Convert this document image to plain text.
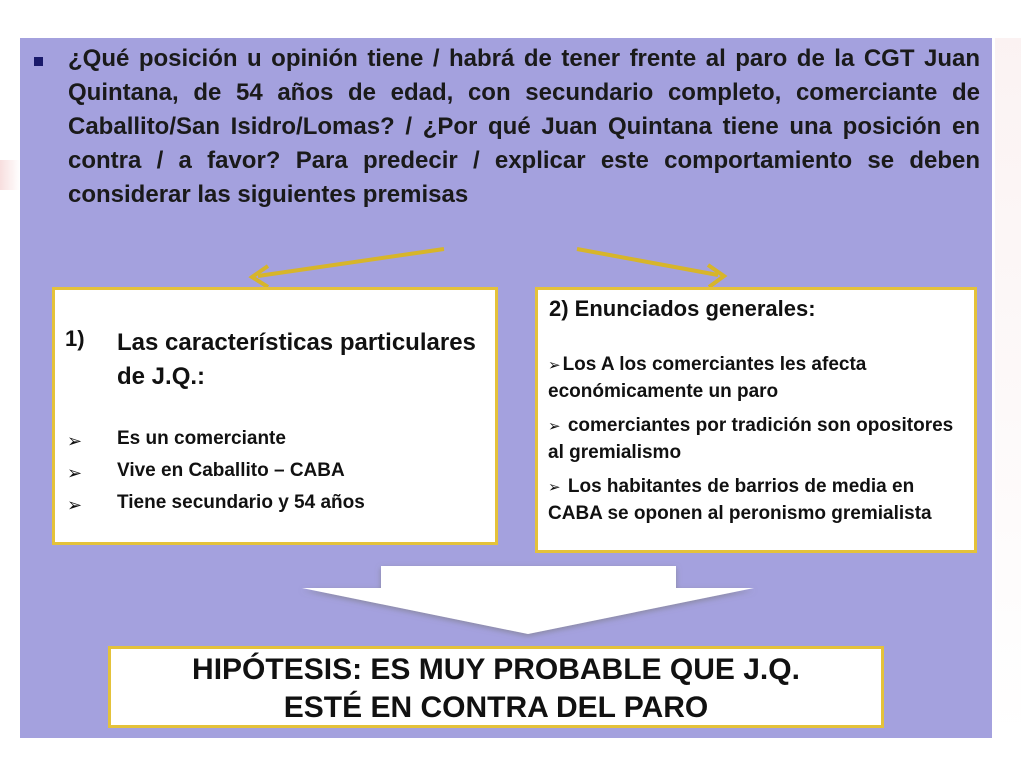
¿Qué posición u opinión tiene / habrá de tener frente al paro de la CGT Juan Quintana, de 54 años de edad, con secundario completo, comerciante de Caballito/San Isidro/Lomas? / ¿Por qué Juan Quintana tiene una posición en contra / a favor? Para predecir / explicar este comportamiento se deben considerar las siguientes premisas
1) Las características particulares de J.Q.:
➢ Es un comerciante
➢ Vive en Caballito – CABA
➢ Tiene secundario y 54 años
2) Enunciados generales:
➢ Los A los comerciantes les afecta económicamente un paro
➢ comerciantes por tradición son opositores al gremialismo
➢ Los habitantes de barrios de media en CABA se oponen al peronismo gremialista
HIPÓTESIS: ES MUY PROBABLE QUE J.Q.
ESTÉ EN CONTRA DEL PARO
